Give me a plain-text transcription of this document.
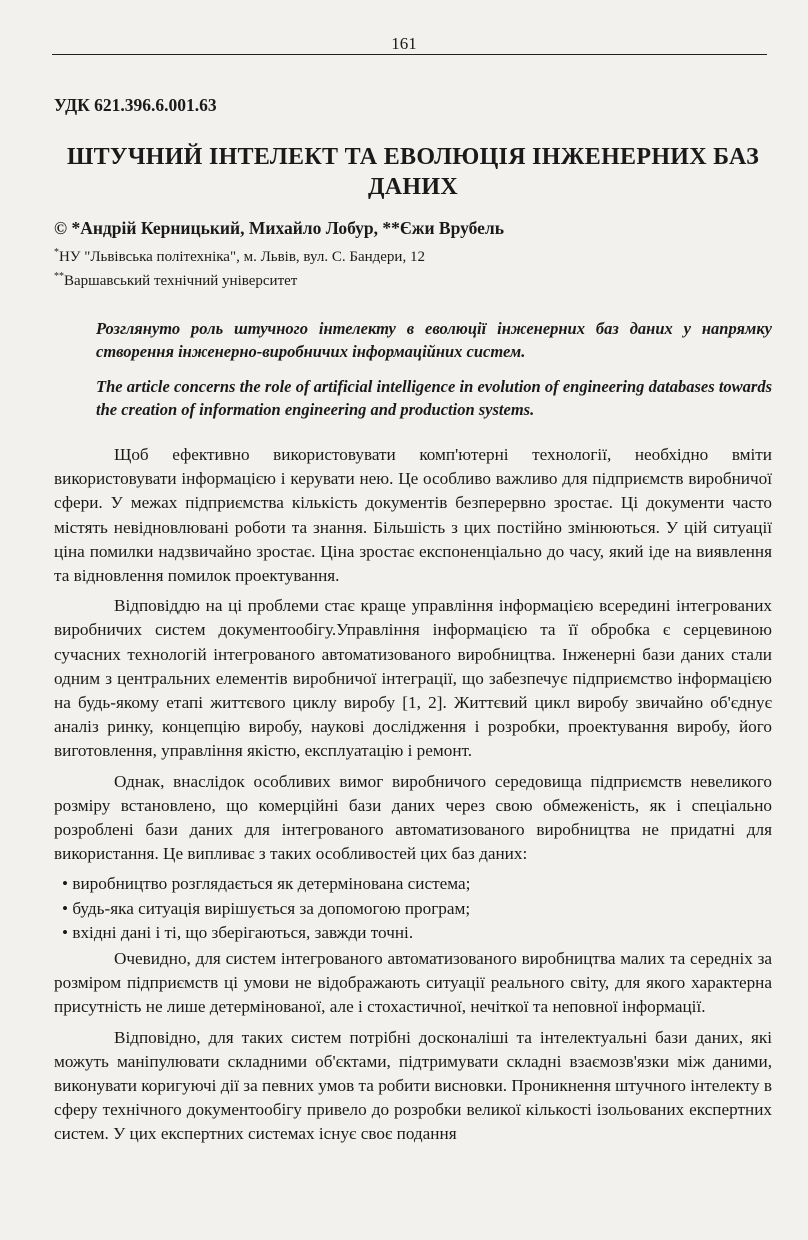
161

УДК 621.396.6.001.63

ШТУЧНИЙ ІНТЕЛЕКТ ТА ЕВОЛЮЦІЯ ІНЖЕНЕРНИХ БАЗ ДАНИХ

© *Андрій Керницький, Михайло Лобур, **Єжи Врубель

*НУ "Львівська політехніка", м. Львів, вул. С. Бандери, 12

**Варшавський технічний університет

Розглянуто роль штучного інтелекту в еволюції інженерних баз даних у напрямку створення інженерно-виробничих інформаційних систем.

The article concerns the role of artificial intelligence in evolution of engineering databases towards the creation of information engineering and production systems.

Щоб ефективно використовувати комп'ютерні технології, необхідно вміти використовувати інформацією і керувати нею. Це особливо важливо для підприємств виробничої сфери. У межах підприємства кількість документів безперервно зростає. Ці документи часто містять невідновлювані роботи та знання. Більшість з цих постійно змінюються. У цій ситуації ціна помилки надзвичайно зростає. Ціна зростає експоненціально до часу, який іде на виявлення та відновлення помилок проектування.

Відповіддю на ці проблеми стає краще управління інформацією всередині інтегрованих виробничих систем документообігу.Управління інформацією та її обробка є серцевиною сучасних технологій інтегрованого автоматизованого виробництва. Інженерні бази даних стали одним з центральних елементів виробничої інтеграції, що забезпечує підприємство інформацією на будь-якому етапі життєвого циклу виробу [1, 2]. Життєвий цикл виробу звичайно об'єднує аналіз ринку, концепцію виробу, наукові дослідження і розробки, проектування виробу, його виготовлення, управління якістю, експлуатацію і ремонт.

Однак, внаслідок особливих вимог виробничого середовища підприємств невеликого розміру встановлено, що комерційні бази даних через свою обмеженість, як і спеціально розроблені бази даних для інтегрованого автоматизованого виробництва не придатні для використання. Це випливає з таких особливостей цих баз даних:

• виробництво розглядається як детермінована система;
• будь-яка ситуація вирішується за допомогою програм;
• вхідні дані і ті, що зберігаються, завжди точні.

Очевидно, для систем інтегрованого автоматизованого виробництва малих та середніх за розміром підприємств ці умови не відображають ситуації реального світу, для якого характерна присутність не лише детермінованої, але і стохастичної, нечіткої та неповної інформації.

Відповідно, для таких систем потрібні досконаліші та інтелектуальні бази даних, які можуть маніпулювати складними об'єктами, підтримувати складні взаємозв'язки між даними, виконувати коригуючі дії за певних умов та робити висновки. Проникнення штучного інтелекту в сферу технічного документообігу привело до розробки великої кількості ізольованих експертних систем. У цих експертних системах існує своє подання
